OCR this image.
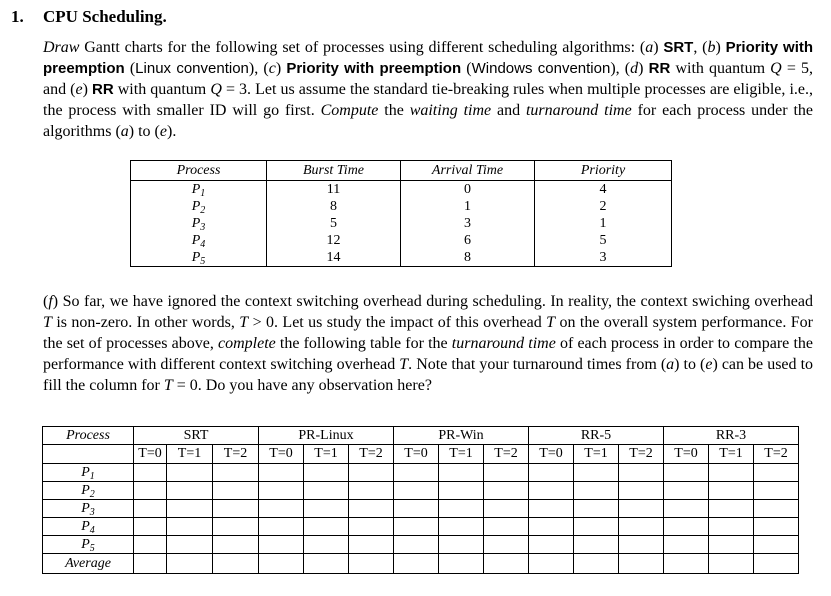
1. CPU Scheduling.
Draw Gantt charts for the following set of processes using different scheduling algorithms: (a) SRT, (b) Priority with preemption (Linux convention), (c) Priority with preemption (Windows convention), (d) RR with quantum Q = 5, and (e) RR with quantum Q = 3. Let us assume the standard tie-breaking rules when multiple processes are eligible, i.e., the process with smaller ID will go first. Compute the waiting time and turnaround time for each process under the algorithms (a) to (e).
Process	Burst Time	Arrival Time	Priority
$P_1$	11	0	4
$P_2$	8	1	2
$P_3$	5	3	1
$P_4$	12	6	5
$P_5$	14	8	3
(f) So far, we have ignored the context switching overhead during scheduling. In reality, the context swiching overhead T is non-zero. In other words, T > 0. Let us study the impact of this overhead T on the overall system performance. For the set of processes above, complete the following table for the turnaround time of each process in order to compare the performance with different context switching overhead T. Note that your turnaround times from (a) to (e) can be used to fill the column for T = 0. Do you have any observation here?
Process	SRT			PR-Linux			PR-Win			RR-5			RR-3		
	T=0	T=1	T=2	T=0	T=1	T=2	T=0	T=1	T=2	T=0	T=1	T=2	T=0	T=1	T=2
$P_1$															
$P_2$															
$P_3$															
$P_4$															
$P_5$															
Average															
